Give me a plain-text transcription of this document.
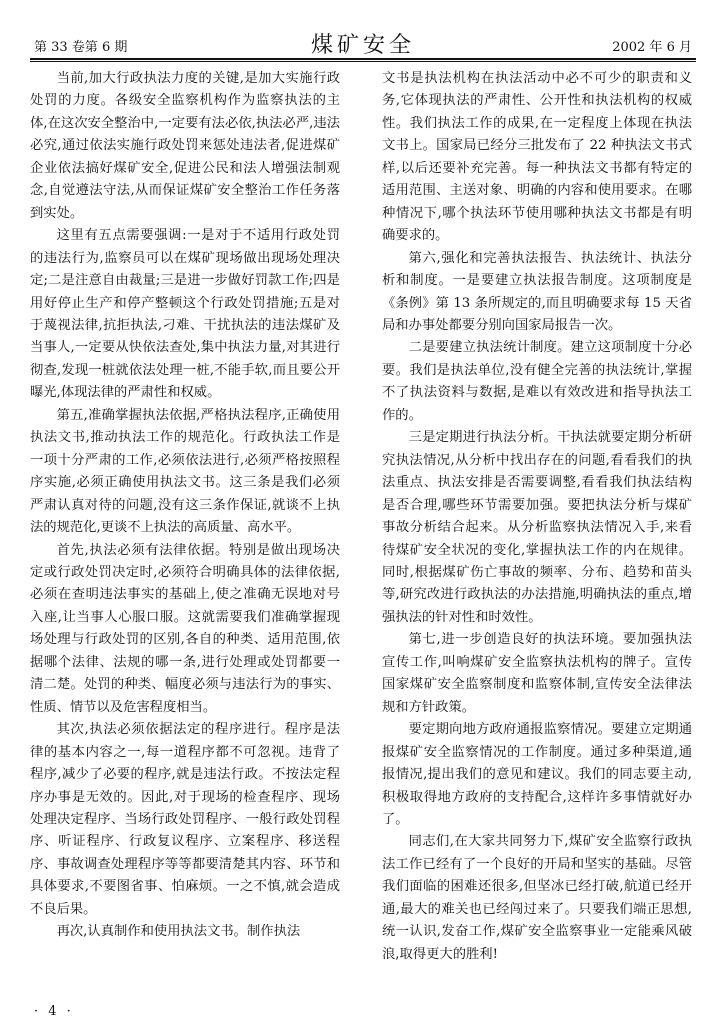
第 33 卷第 6 期	煤矿安全	2002 年 6 月

当前,加大行政执法力度的关键,是加大实施行政处罚的力度。各级安全监察机构作为监察执法的主体,在这次安全整治中,一定要有法必依,执法必严,违法必究,通过依法实施行政处罚来惩处违法者,促进煤矿企业依法搞好煤矿安全,促进公民和法人增强法制观念,自觉遵法守法,从而保证煤矿安全整治工作任务落到实处。

这里有五点需要强调:一是对于不适用行政处罚的违法行为,监察员可以在煤矿现场做出现场处理决定;二是注意自由裁量;三是进一步做好罚款工作;四是用好停止生产和停产整顿这个行政处罚措施;五是对于蔑视法律,抗拒执法,刁难、干扰执法的违法煤矿及当事人,一定要从快依法查处,集中执法力量,对其进行彻查,发现一桩就依法处理一桩,不能手软,而且要公开曝光,体现法律的严肃性和权威。

第五,准确掌握执法依据,严格执法程序,正确使用执法文书,推动执法工作的规范化。行政执法工作是一项十分严肃的工作,必须依法进行,必须严格按照程序实施,必须正确使用执法文书。这三条是我们必须严肃认真对待的问题,没有这三条作保证,就谈不上执法的规范化,更谈不上执法的高质量、高水平。

首先,执法必须有法律依据。特别是做出现场决定或行政处罚决定时,必须符合明确具体的法律依据,必须在查明违法事实的基础上,使之准确无误地对号入座,让当事人心服口服。这就需要我们准确掌握现场处理与行政处罚的区别,各自的种类、适用范围,依据哪个法律、法规的哪一条,进行处理或处罚都要一清二楚。处罚的种类、幅度必须与违法行为的事实、性质、情节以及危害程度相当。

其次,执法必须依据法定的程序进行。程序是法律的基本内容之一,每一道程序都不可忽视。违背了程序,减少了必要的程序,就是违法行政。不按法定程序办事是无效的。因此,对于现场的检查程序、现场处理决定程序、当场行政处罚程序、一般行政处罚程序、听证程序、行政复议程序、立案程序、移送程序、事故调查处理程序等等都要清楚其内容、环节和具体要求,不要图省事、怕麻烦。一之不慎,就会造成不良后果。

再次,认真制作和使用执法文书。制作执法

文书是执法机构在执法活动中必不可少的职责和义务,它体现执法的严肃性、公开性和执法机构的权威性。我们执法工作的成果,在一定程度上体现在执法文书上。国家局已经分三批发布了 22 种执法文书式样,以后还要补充完善。每一种执法文书都有特定的适用范围、主送对象、明确的内容和使用要求。在哪种情况下,哪个执法环节使用哪种执法文书都是有明确要求的。

第六,强化和完善执法报告、执法统计、执法分析和制度。一是要建立执法报告制度。这项制度是《条例》第 13 条所规定的,而且明确要求每 15 天省局和办事处都要分别向国家局报告一次。

二是要建立执法统计制度。建立这项制度十分必要。我们是执法单位,没有健全完善的执法统计,掌握不了执法资料与数据,是难以有效改进和指导执法工作的。

三是定期进行执法分析。干执法就要定期分析研究执法情况,从分析中找出存在的问题,看看我们的执法重点、执法安排是否需要调整,看看我们执法结构是否合理,哪些环节需要加强。要把执法分析与煤矿事故分析结合起来。从分析监察执法情况入手,来看待煤矿安全状况的变化,掌握执法工作的内在规律。同时,根据煤矿伤亡事故的频率、分布、趋势和苗头等,研究改进行政执法的办法措施,明确执法的重点,增强执法的针对性和时效性。

第七,进一步创造良好的执法环境。要加强执法宣传工作,叫响煤矿安全监察执法机构的牌子。宣传国家煤矿安全监察制度和监察体制,宣传安全法律法规和方针政策。

要定期向地方政府通报监察情况。要建立定期通报煤矿安全监察情况的工作制度。通过多种渠道,通报情况,提出我们的意见和建议。我们的同志要主动,积极取得地方政府的支持配合,这样许多事情就好办了。

同志们,在大家共同努力下,煤矿安全监察行政执法工作已经有了一个良好的开局和坚实的基础。尽管我们面临的困难还很多,但坚冰已经打破,航道已经开通,最大的难关也已经闯过来了。只要我们端正思想,统一认识,发奋工作,煤矿安全监察事业一定能乘风破浪,取得更大的胜利!

· 4 ·
